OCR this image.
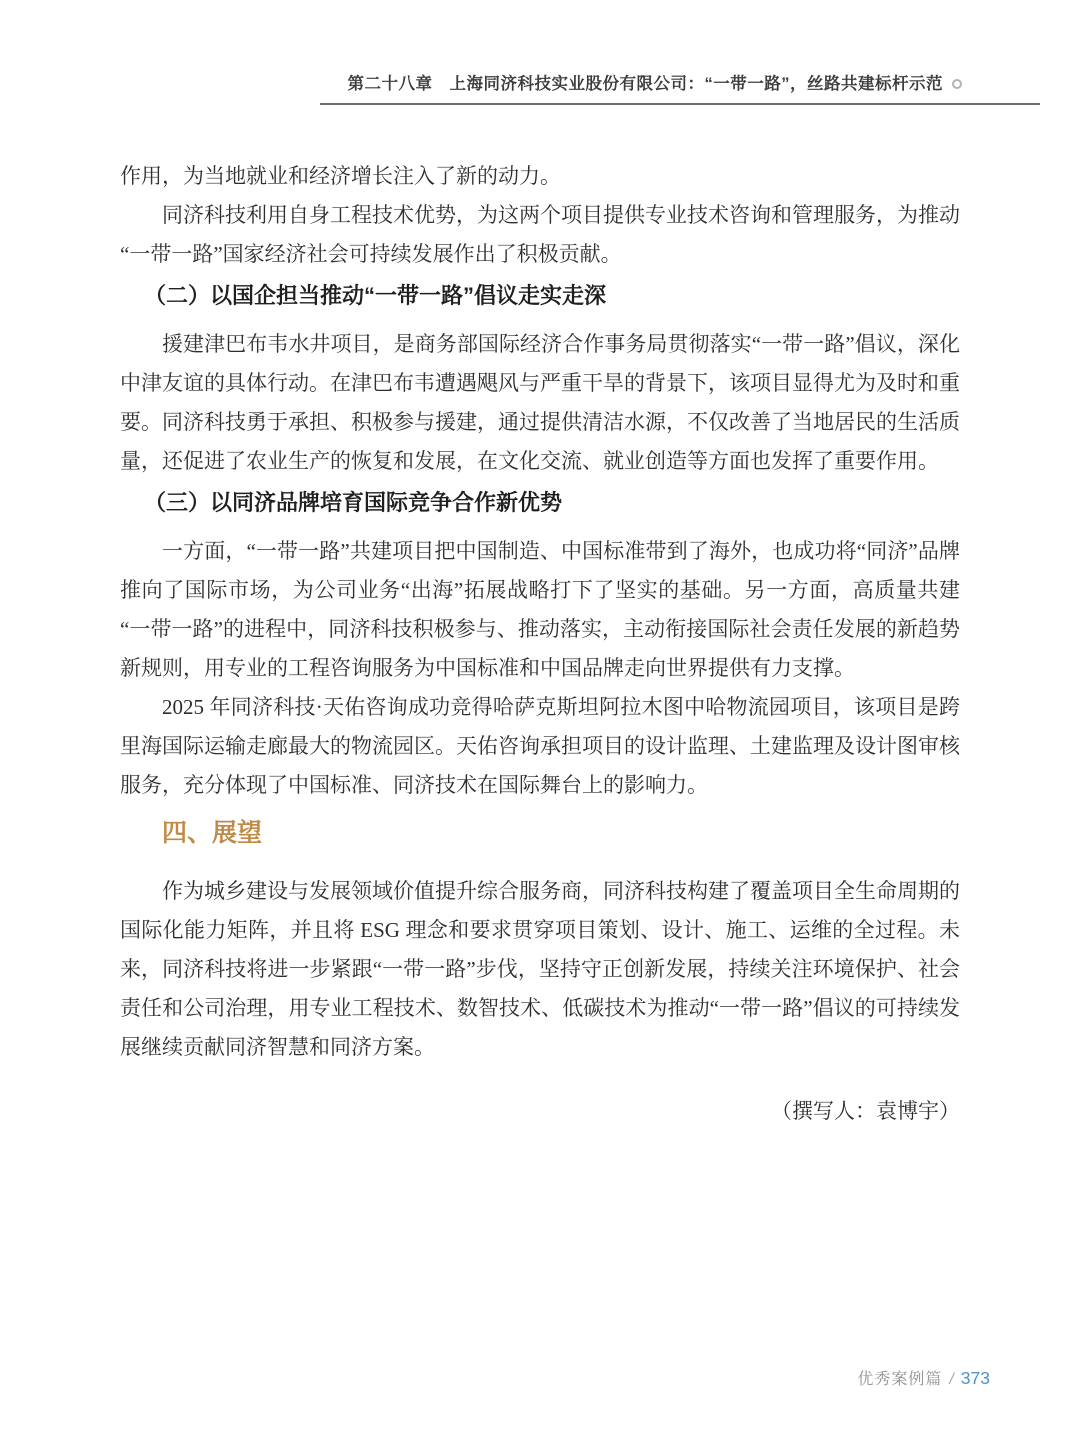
第二十八章　上海同济科技实业股份有限公司：“一带一路”，丝路共建标杆示范

作用，为当地就业和经济增长注入了新的动力。

同济科技利用自身工程技术优势，为这两个项目提供专业技术咨询和管理服务，为推动“一带一路”国家经济社会可持续发展作出了积极贡献。

（二）以国企担当推动“一带一路”倡议走实走深

援建津巴布韦水井项目，是商务部国际经济合作事务局贯彻落实“一带一路”倡议，深化中津友谊的具体行动。在津巴布韦遭遇飓风与严重干旱的背景下，该项目显得尤为及时和重要。同济科技勇于承担、积极参与援建，通过提供清洁水源，不仅改善了当地居民的生活质量，还促进了农业生产的恢复和发展，在文化交流、就业创造等方面也发挥了重要作用。

（三）以同济品牌培育国际竞争合作新优势

一方面，“一带一路”共建项目把中国制造、中国标准带到了海外，也成功将“同济”品牌推向了国际市场，为公司业务“出海”拓展战略打下了坚实的基础。另一方面，高质量共建“一带一路”的进程中，同济科技积极参与、推动落实，主动衔接国际社会责任发展的新趋势新规则，用专业的工程咨询服务为中国标准和中国品牌走向世界提供有力支撑。

2025 年同济科技·天佑咨询成功竞得哈萨克斯坦阿拉木图中哈物流园项目，该项目是跨里海国际运输走廊最大的物流园区。天佑咨询承担项目的设计监理、土建监理及设计图审核服务，充分体现了中国标准、同济技术在国际舞台上的影响力。

四、展望

作为城乡建设与发展领域价值提升综合服务商，同济科技构建了覆盖项目全生命周期的国际化能力矩阵，并且将 ESG 理念和要求贯穿项目策划、设计、施工、运维的全过程。未来，同济科技将进一步紧跟“一带一路”步伐，坚持守正创新发展，持续关注环境保护、社会责任和公司治理，用专业工程技术、数智技术、低碳技术为推动“一带一路”倡议的可持续发展继续贡献同济智慧和同济方案。

（撰写人：袁博宇）

优秀案例篇 / 373
